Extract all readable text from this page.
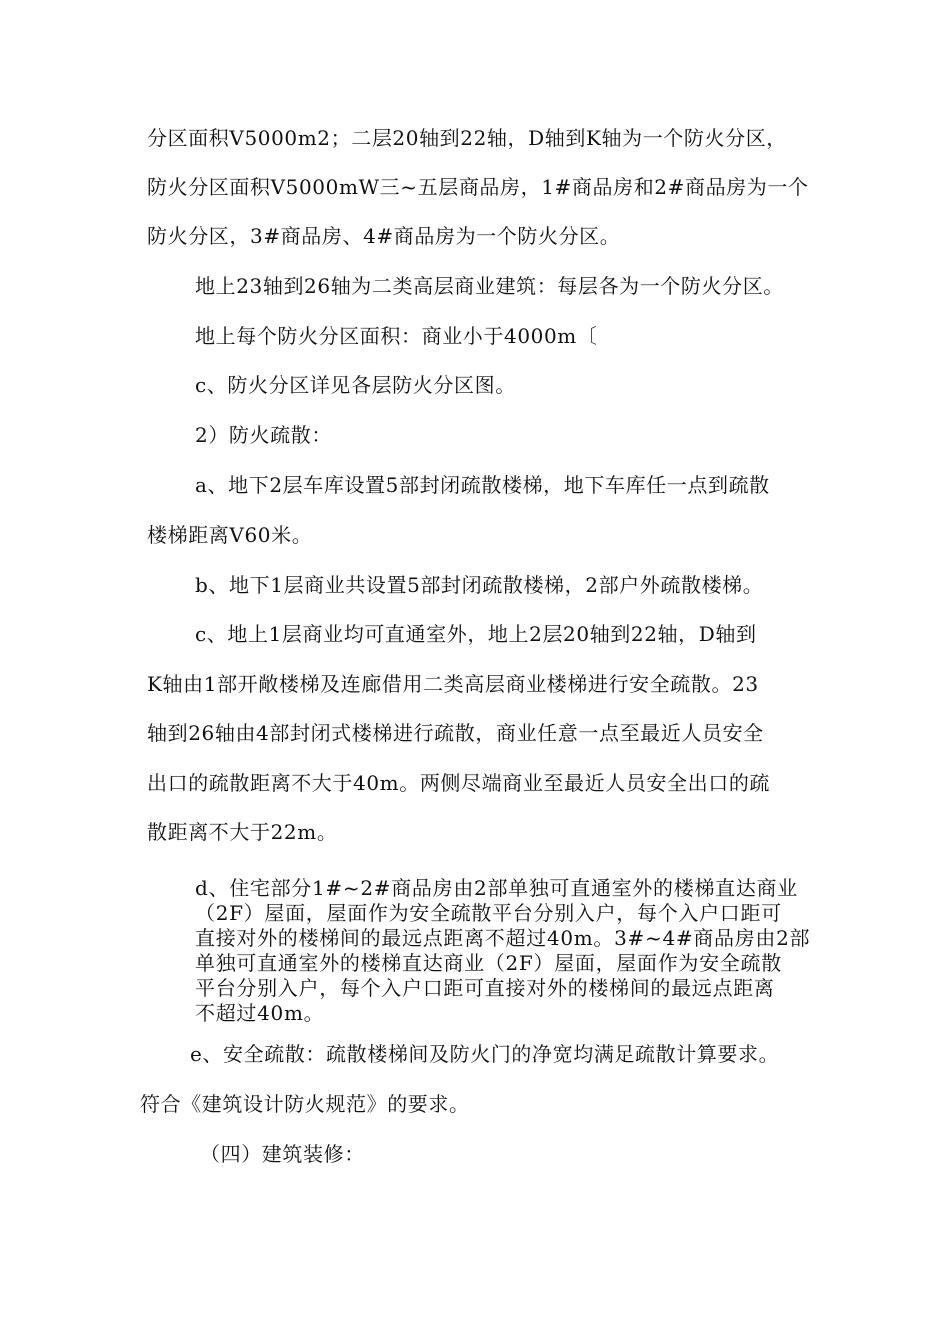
分区面积V5000m2；二层20轴到22轴，D轴到K轴为一个防火分区，

防火分区面积V5000mW三~五层商品房，1#商品房和2#商品房为一个

防火分区，3#商品房、4#商品房为一个防火分区。

地上23轴到26轴为二类高层商业建筑：每层各为一个防火分区。

地上每个防火分区面积：商业小于4000m〔

c、防火分区详见各层防火分区图。

2）防火疏散：

a、地下2层车库设置5部封闭疏散楼梯，地下车库任一点到疏散

楼梯距离V60米。

b、地下1层商业共设置5部封闭疏散楼梯，2部户外疏散楼梯。

c、地上1层商业均可直通室外，地上2层20轴到22轴，D轴到

K轴由1部开敞楼梯及连廊借用二类高层商业楼梯进行安全疏散。23

轴到26轴由4部封闭式楼梯进行疏散，商业任意一点至最近人员安全

出口的疏散距离不大于40m。两侧尽端商业至最近人员安全出口的疏

散距离不大于22m。

d、住宅部分1#~2#商品房由2部单独可直通室外的楼梯直达商业

（2F）屋面，屋面作为安全疏散平台分别入户，每个入户口距可

直接对外的楼梯间的最远点距离不超过40m。3#~4#商品房由2部

单独可直通室外的楼梯直达商业（2F）屋面，屋面作为安全疏散

平台分别入户，每个入户口距可直接对外的楼梯间的最远点距离

不超过40m。

e、安全疏散：疏散楼梯间及防火门的净宽均满足疏散计算要求。

符合《建筑设计防火规范》的要求。

（四）建筑装修：
